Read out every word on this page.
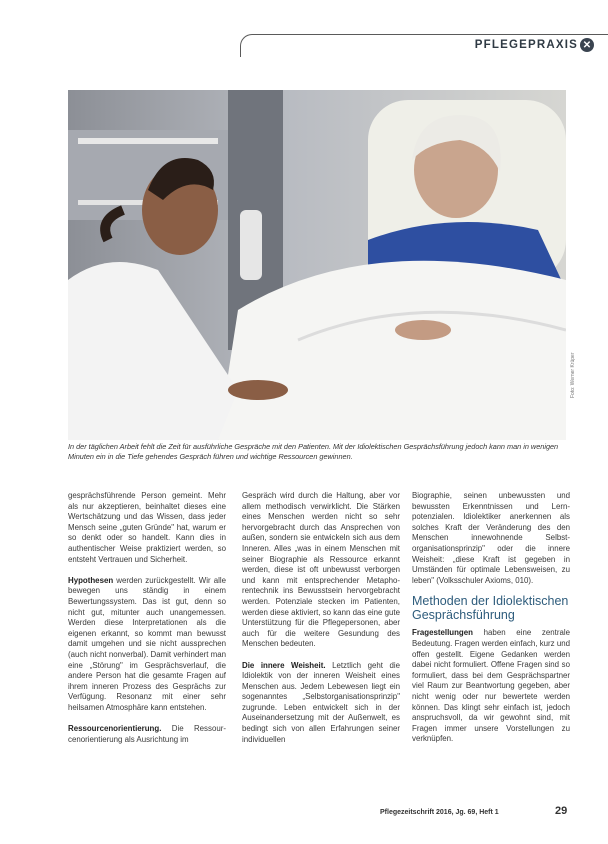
PFLEGEPRAXIS ✕
Foto: Werner Krüper
In der täglichen Arbeit fehlt die Zeit für ausführliche Gespräche mit den Patienten. Mit der Idiolektischen Gesprächsführung jedoch kann man in wenigen Minuten ein in die Tiefe gehendes Gespräch führen und wichtige Ressourcen gewinnen.

gesprächsführende Person gemeint. Mehr als nur akzeptieren, beinhaltet dieses eine Wertschätzung und das Wissen, dass jeder Mensch seine „guten Gründe" hat, warum er so denkt oder so handelt. Kann dies in authentischer Weise praktiziert werden, so entsteht Vertrauen und Sicherheit.

Hypothesen werden zurückgestellt. Wir alle bewegen uns ständig in einem Bewertungssystem. Das ist gut, denn so nicht gut, mitunter auch unangemessen. Werden diese Interpretationen als die eigenen erkannt, so kommt man bewusst damit umgehen und sie nicht aussprechen (auch nicht nonverbal). Damit verhindert man eine „Störung" im Gesprächsverlauf, die andere Person hat die gesamte Fragen auf ihrem inneren Prozess des Gesprächs zur Verfügung. Resonanz mit einer sehr heilsamen Atmosphäre kann entstehen.

Ressourcenorientierung. Die Ressourcenorientierung als Ausrichtung im

Gespräch wird durch die Haltung, aber vor allem methodisch verwirklicht. Die Stärken eines Menschen werden nicht so sehr hervorgebracht durch das Ansprechen von außen, sondern sie entwickeln sich aus dem Inneren. Alles „was in einem Menschen mit seiner Biographie als Ressource erkannt werden, diese ist oft unbewusst verborgen und kann mit entsprechender Metaphorentechnik ins Bewusstsein hervorgebracht werden. Potenziale stecken im Patienten, werden diese aktiviert, so kann das eine gute Unterstützung für die Pflegepersonen, aber auch für die weitere Gesundung des Menschen bedeuten.

Die innere Weisheit. Letztlich geht die Idiolektik von der inneren Weisheit eines Menschen aus. Jedem Lebewesen liegt ein sogenanntes „Selbstorganisationsprinzip" zugrunde. Leben entwickelt sich in der Auseinandersetzung mit der Außenwelt, es bedingt sich von allen Erfahrungen seiner individuellen

Biographie, seinen unbewussten und bewussten Erkenntnissen und Lernpotenzialen. Idiolektiker anerkennen als solches Kraft der Veränderung des den Menschen innewohnende Selbstorganisationsprinzip" oder die innere Weisheit: „diese Kraft ist gegeben in Umständen für optimale Lebensweisen, zu leben" (Volksschuler Axioms, 010).

Methoden der Idiolektischen Gesprächsführung

Fragestellungen haben eine zentrale Bedeutung. Fragen werden einfach, kurz und offen gestellt. Eigene Gedanken werden dabei nicht formuliert. Offene Fragen sind so formuliert, dass bei dem Gesprächspartner viel Raum zur Beantwortung gegeben, aber nicht wenig oder nur bewertete werden können. Das klingt sehr einfach ist, jedoch anspruchsvoll, da wir gewohnt sind, mit Fragen immer unsere Vorstellungen zu verknüpfen.

Pflegezeitschrift 2016, Jg. 69, Heft 1	29
